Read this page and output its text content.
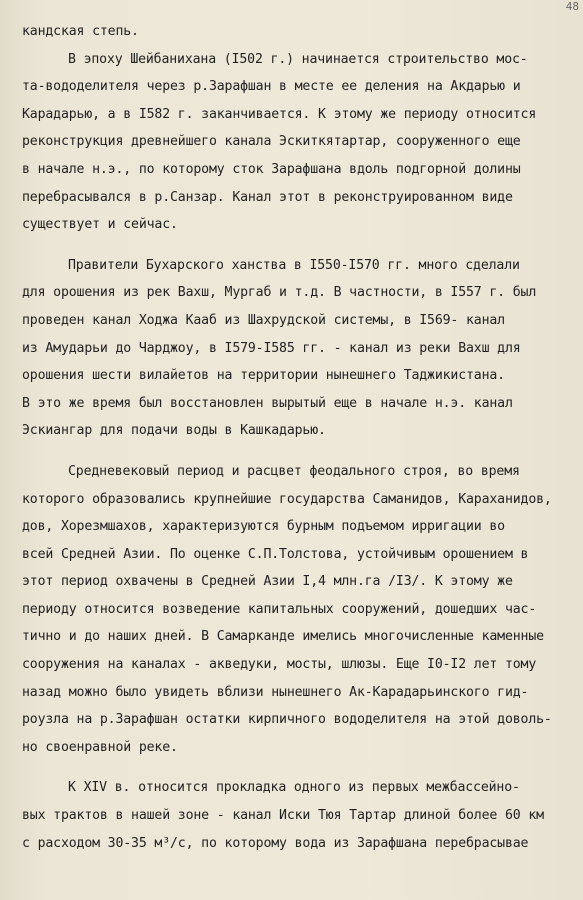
48
кандская степь.
В эпоху Шейбанихана (I502 г.) начинается строительство мос-
та-вододелителя через р.Зарафшан в месте ее деления на Акдарью и
Карадарью, а в I582 г. заканчивается. К этому же периоду относится
реконструкция древнейшего канала Эскиткятартар, сооруженного еще
в начале н.э., по которому сток Зарафшана вдоль подгорной долины
перебрасывался в р.Санзар. Канал этот в реконструированном виде
существует и сейчас.
Правители Бухарского ханства в I550-I570 гг. много сделали
для орошения из рек Вахш, Мургаб и т.д. В частности, в I557 г. был
проведен канал Ходжа Кааб из Шахрудской системы, в I569- канал
из Амударьи до Чарджоу, в I579-I585 гг. - канал из реки Вахш для
орошения шести вилайетов на территории нынешнего Таджикистана.
В это же время был восстановлен вырытый еще в начале н.э. канал
Эскиангар для подачи воды в Кашкадарью.
Средневековый период и расцвет феодального строя, во время
которого образовались крупнейшие государства Саманидов, Караханидов,
дов, Хорезмшахов, характеризуются бурным подъемом ирригации во
всей Средней Азии. По оценке С.П.Толстова, устойчивым орошением в
этот период охвачены в Средней Азии I,4 млн.га /I3/. К этому же
периоду относится возведение капитальных сооружений, дошедших час-
тично и до наших дней. В Самарканде имелись многочисленные каменные
сооружения на каналах - акведуки, мосты, шлюзы. Еще I0-I2 лет тому
назад можно было увидеть вблизи нынешнего Ак-Карадарьинского гид-
роузла на р.Зарафшан остатки кирпичного вододелителя на этой доволь-
но своенравной реке.
К XIV в. относится прокладка одного из первых межбассейно-
вых трактов в нашей зоне - канал Иски Тюя Тартар длиной более 60 км
с расходом 30-35 м³/с, по которому вода из Зарафшана перебрасывае
